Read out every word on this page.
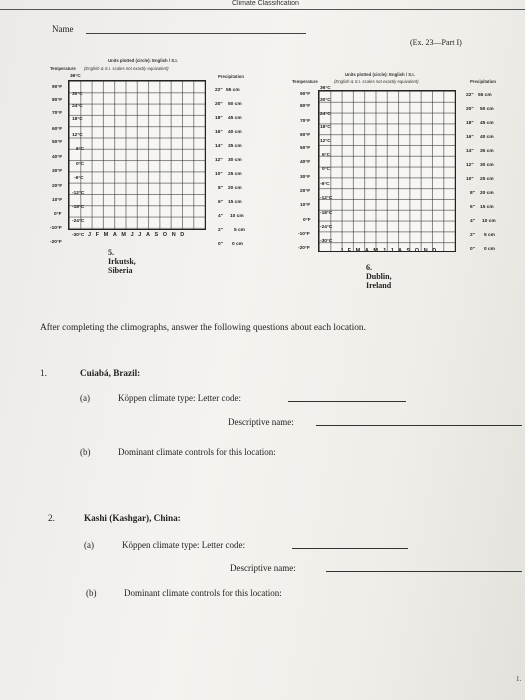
Climate Classification
Name
(Ex. 23—Part I)
Units plotted (circle): English / S.I.
Temperature (English & S.I. scales not exactly equivalent)
Precipitation
36°C
90°F
30°C
80°F
24°C
70°F
18°C
60°F
12°C
50°F
6°C
40°F
0°C
30°F
-6°C
20°F
-12°C
10°F
-18°C
0°F
-24°C
-10°F
-30°C
-20°F
22" 55 cm
20" 50 cm
18" 45 cm
16" 40 cm
14" 35 cm
12" 30 cm
10" 25 cm
8" 20 cm
6" 15 cm
4" 10 cm
2" 5 cm
0" 0 cm
JFMAMJJASOND
5. Irkutsk, Siberia
Units plotted (circle): English / S.I.
Temperature	(English & S.I. scales not exactly equivalent)	Precipitation
36°C
90°F
30°C
80°F
24°C
70°F
18°C
60°F
12°C
50°F
6°C
40°F
0°C
30°F
-6°C
20°F
-12°C
10°F
-18°C
0°F
-24°C
-10°F
-30°C
-20°F
22" 55 cm
20" 50 cm
18" 45 cm
16" 40 cm
14" 35 cm
12" 30 cm
10" 25 cm
8" 20 cm
6" 15 cm
4" 10 cm
2" 5 cm
0" 0 cm
JFMAMJJASOND
6. Dublin, Ireland
After completing the climographs, answer the following questions about each location.
1.	Cuiabá, Brazil:
(a)	Köppen climate type: Letter code:
Descriptive name:
(b)	Dominant climate controls for this location:
2.	Kashi (Kashgar), China:
(a)	Köppen climate type: Letter code:
Descriptive name:
(b)	Dominant climate controls for this location:
1.
